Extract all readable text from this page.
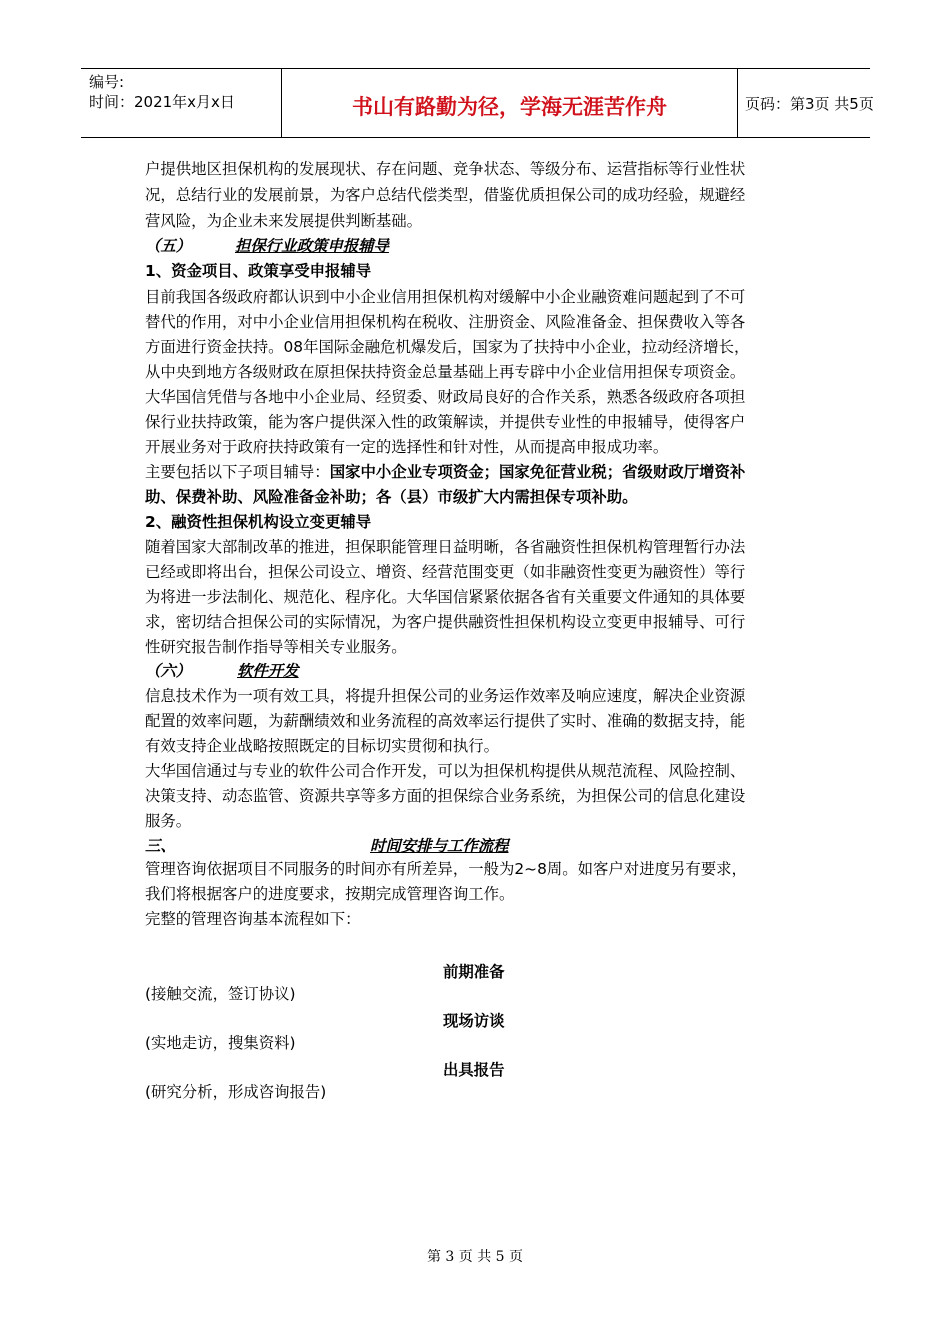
编号:
时间：2021年x月x日	书山有路勤为径，学海无涯苦作舟	页码：第3页 共5页
户提供地区担保机构的发展现状、存在问题、竞争状态、等级分布、运营指标等行业性状
况，总结行业的发展前景，为客户总结代偿类型，借鉴优质担保公司的成功经验，规避经
营风险，为企业未来发展提供判断基础。
（五）	担保行业政策申报辅导
1、资金项目、政策享受申报辅导
目前我国各级政府都认识到中小企业信用担保机构对缓解中小企业融资难问题起到了不可
替代的作用，对中小企业信用担保机构在税收、注册资金、风险准备金、担保费收入等各
方面进行资金扶持。08年国际金融危机爆发后，国家为了扶持中小企业，拉动经济增长，
从中央到地方各级财政在原担保扶持资金总量基础上再专辟中小企业信用担保专项资金。
大华国信凭借与各地中小企业局、经贸委、财政局良好的合作关系，熟悉各级政府各项担
保行业扶持政策，能为客户提供深入性的政策解读，并提供专业性的申报辅导，使得客户
开展业务对于政府扶持政策有一定的选择性和针对性，从而提高申报成功率。
主要包括以下子项目辅导：国家中小企业专项资金；国家免征营业税；省级财政厅增资补
助、保费补助、风险准备金补助；各（县）市级扩大内需担保专项补助。
2、融资性担保机构设立变更辅导
随着国家大部制改革的推进，担保职能管理日益明晰，各省融资性担保机构管理暂行办法
已经或即将出台，担保公司设立、增资、经营范围变更（如非融资性变更为融资性）等行
为将进一步法制化、规范化、程序化。大华国信紧紧依据各省有关重要文件通知的具体要
求，密切结合担保公司的实际情况，为客户提供融资性担保机构设立变更申报辅导、可行
性研究报告制作指导等相关专业服务。
（六）	软件开发
信息技术作为一项有效工具，将提升担保公司的业务运作效率及响应速度，解决企业资源
配置的效率问题，为薪酬绩效和业务流程的高效率运行提供了实时、准确的数据支持，能
有效支持企业战略按照既定的目标切实贯彻和执行。
大华国信通过与专业的软件公司合作开发，可以为担保机构提供从规范流程、风险控制、
决策支持、动态监管、资源共享等多方面的担保综合业务系统，为担保公司的信息化建设
服务。
三、	时间安排与工作流程
管理咨询依据项目不同服务的时间亦有所差异，一般为2~8周。如客户对进度另有要求，
我们将根据客户的进度要求，按期完成管理咨询工作。
完整的管理咨询基本流程如下：
前期准备
(接触交流，签订协议)
现场访谈
(实地走访，搜集资料)
出具报告
(研究分析，形成咨询报告)
第 3 页 共 5 页
